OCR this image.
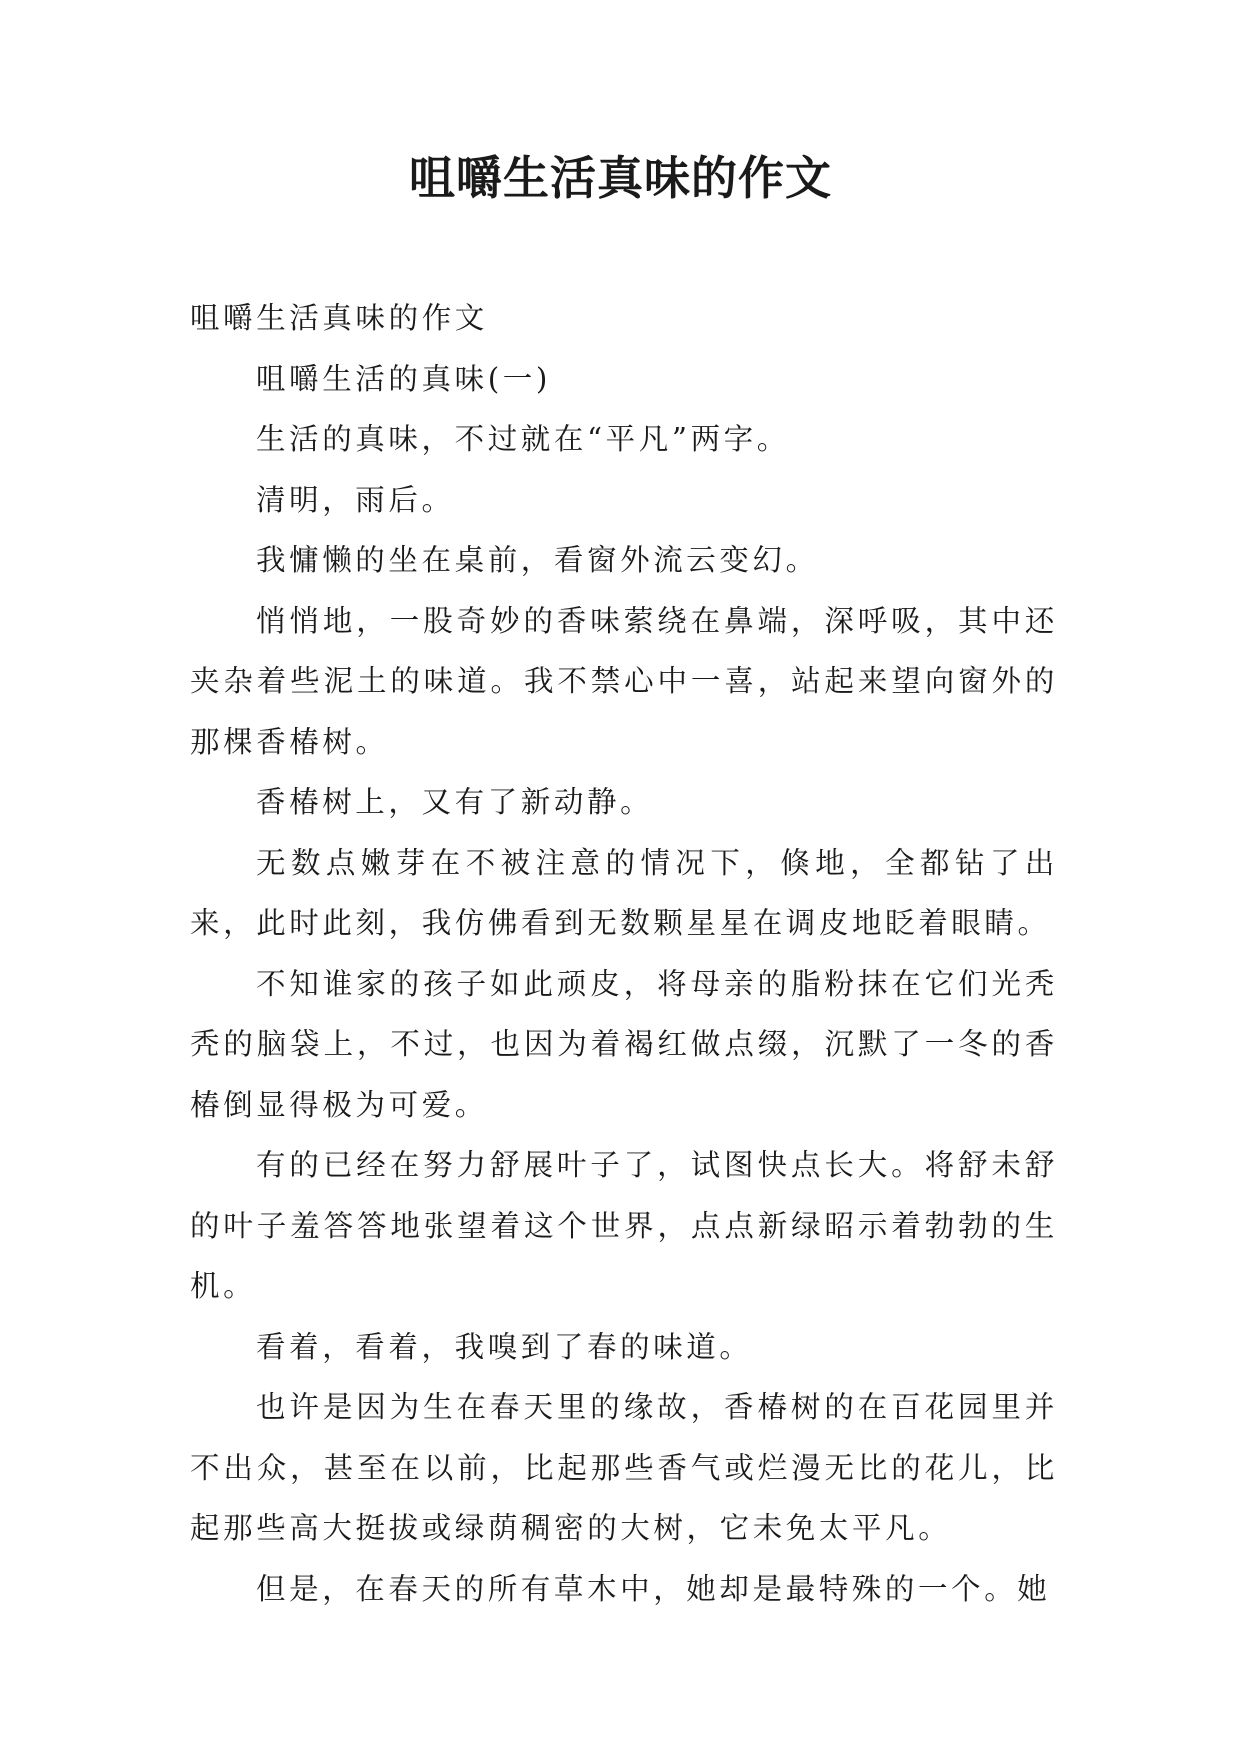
咀嚼生活真味的作文

咀嚼生活真味的作文

咀嚼生活的真味(一)

生活的真味，不过就在“平凡”两字。

清明，雨后。

我慵懒的坐在桌前，看窗外流云变幻。

悄悄地，一股奇妙的香味萦绕在鼻端，深呼吸，其中还夹杂着些泥土的味道。我不禁心中一喜，站起来望向窗外的那棵香椿树。

香椿树上，又有了新动静。

无数点嫩芽在不被注意的情况下，倏地，全都钻了出来，此时此刻，我仿佛看到无数颗星星在调皮地眨着眼睛。

不知谁家的孩子如此顽皮，将母亲的脂粉抹在它们光秃秃的脑袋上，不过，也因为着褐红做点缀，沉默了一冬的香椿倒显得极为可爱。

有的已经在努力舒展叶子了，试图快点长大。将舒未舒的叶子羞答答地张望着这个世界，点点新绿昭示着勃勃的生机。

看着，看着，我嗅到了春的味道。

也许是因为生在春天里的缘故，香椿树的在百花园里并不出众，甚至在以前，比起那些香气或烂漫无比的花儿，比起那些高大挺拔或绿荫稠密的大树，它未免太平凡。

但是，在春天的所有草木中，她却是最特殊的一个。她
